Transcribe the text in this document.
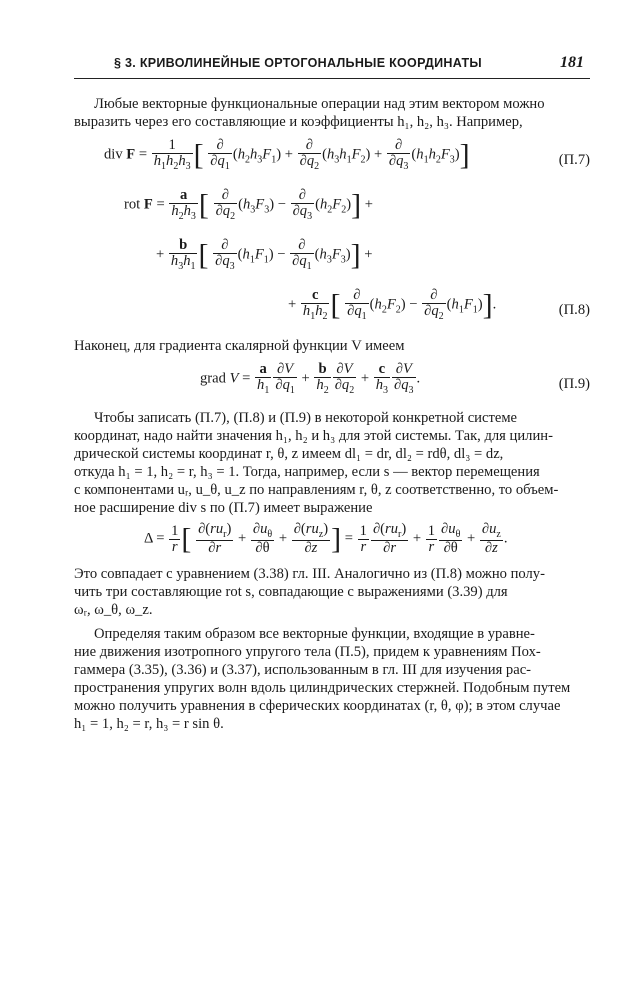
§ 3. КРИВОЛИНЕЙНЫЕ ОРТОГОНАЛЬНЫЕ КООРДИНАТЫ	181
Любые векторные функциональные операции над этим вектором можно
выразить через его составляющие и коэффициенты h₁, h₂, h₃. Например,
div $F = \frac{1}{h_1h_2h_3}$ [ $\frac{\partial}{\partial q_1} (h_2h_3F_1) + \frac{\partial}{\partial q_2} (h_3h_1F_2) + \frac{\partial}{\partial q_3} (h_1h_2F_3)$]	(П.7)
rot $F = \frac{a}{h_2h_3}$ [ $\frac{\partial}{\partial q_2} (h_3F_3) - \frac{\partial}{\partial q_3} (h_2F_2)$] +
+ $\frac{b}{h_3h_1}$ [ $\frac{\partial}{\partial q_3} (h_1F_1) - \frac{\partial}{\partial q_1} (h_3F_3)$] +
+ $\frac{c}{h_1h_2}$ [ $\frac{\partial}{\partial q_1} (h_2F_2) - \frac{\partial}{\partial q_2} (h_1F_1)$].	(П.8)
Наконец, для градиента скалярной функции V имеем
grad $V = \frac{a}{h_1} \frac{\partial V}{\partial q_1} + \frac{b}{h_2} \frac{\partial V}{\partial q_2} + \frac{c}{h_3} \frac{\partial V}{\partial q_3}$ .	(П.9)
Чтобы записать (П.7), (П.8) и (П.9) в некоторой конкретной системе
координат, надо найти значения h₁, h₂ и h₃ для этой системы. Так, для цилин-
дрической системы координат r, θ, z имеем dl₁ = dr, dl₂ = rdθ, dl₃ = dz,
откуда h₁ = 1, h₂ = r, h₃ = 1. Тогда, например, если s — вектор перемещения
с компонентами uᵣ, u_θ, u_z по направлениям r, θ, z соответственно, то объем-
ное расширение div s по (П.7) имеет выражение
$\Delta = \frac{1}{r}$ [ $\frac{\partial(ru_r)}{\partial r} + \frac{\partial u_\theta}{\partial\theta} + \frac{\partial(ru_z)}{\partial z}$ ] = $\frac{1}{r} \frac{\partial(ru_r)}{\partial r} + \frac{1}{r} \frac{\partial u_\theta}{\partial\theta} + \frac{\partial u_z}{\partial z}$ .
Это совпадает с уравнением (3.38) гл. III. Аналогично из (П.8) можно полу-
чить три составляющие rot s, совпадающие с выражениями (3.39) для
ωᵣ, ω_θ, ω_z.
Определяя таким образом все векторные функции, входящие в уравне-
ние движения изотропного упругого тела (П.5), придем к уравнениям Пох-
гаммера (3.35), (3.36) и (3.37), использованным в гл. III для изучения рас-
пространения упругих волн вдоль цилиндрических стержней. Подобным путем
можно получить уравнения в сферических координатах (r, θ, φ); в этом случае
h₁ = 1, h₂ = r, h₃ = r sin θ.
